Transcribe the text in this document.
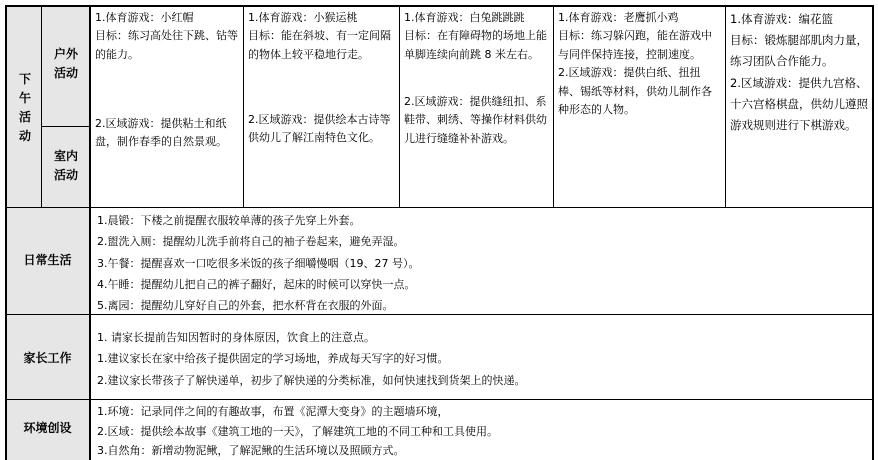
下午活动
户外活动
室内活动
日常生活
家长工作
环境创设

1.体育游戏：小红帽

目标：练习高处往下跳、钻等的能力。

2.区域游戏：提供粘土和纸盘，制作春季的自然景观。

1.体育游戏：小猴运桃

目标：能在斜坡、有一定间隔的物体上较平稳地行走。

2.区域游戏：提供绘本古诗等供幼儿了解江南特色文化。

1.体育游戏：白兔跳跳跳

目标：在有障碍物的场地上能单脚连续向前跳 8 米左右。

2.区域游戏：提供缝纽扣、系鞋带、刺绣、等操作材料供幼儿进行缝缝补补游戏。

1.体育游戏：老鹰抓小鸡

目标：练习躲闪跑，能在游戏中与同伴保持连接，控制速度。

2.区域游戏：提供白纸、扭扭棒、锡纸等材料，供幼儿制作各种形态的人物。

1.体育游戏：编花篮

目标：锻炼腿部肌肉力量，练习团队合作能力。

2.区域游戏：提供九宫格、十六宫格棋盘，供幼儿遵照游戏规则进行下棋游戏。

1.晨锻：下楼之前提醒衣服较单薄的孩子先穿上外套。

2.盥洗入厕：提醒幼儿洗手前将自己的袖子卷起来，避免弄湿。

3.午餐：提醒喜欢一口吃很多米饭的孩子细嚼慢咽（19、27 号）。

4.午睡：提醒幼儿把自己的裤子翻好，起床的时候可以穿快一点。

5.离园：提醒幼儿穿好自己的外套，把水杯背在衣服的外面。

1. 请家长提前告知因暂时的身体原因，饮食上的注意点。

1.建议家长在家中给孩子提供固定的学习场地，养成每天写字的好习惯。

2.建议家长带孩子了解快递单，初步了解快递的分类标准，如何快速找到货架上的快递。

1.环境：记录同伴之间的有趣故事，布置《泥潭大变身》的主题墙环境，

2.区域：提供绘本故事《建筑工地的一天》，了解建筑工地的不同工种和工具使用。

3.自然角：新增动物泥鳅，了解泥鳅的生活环境以及照顾方式。
